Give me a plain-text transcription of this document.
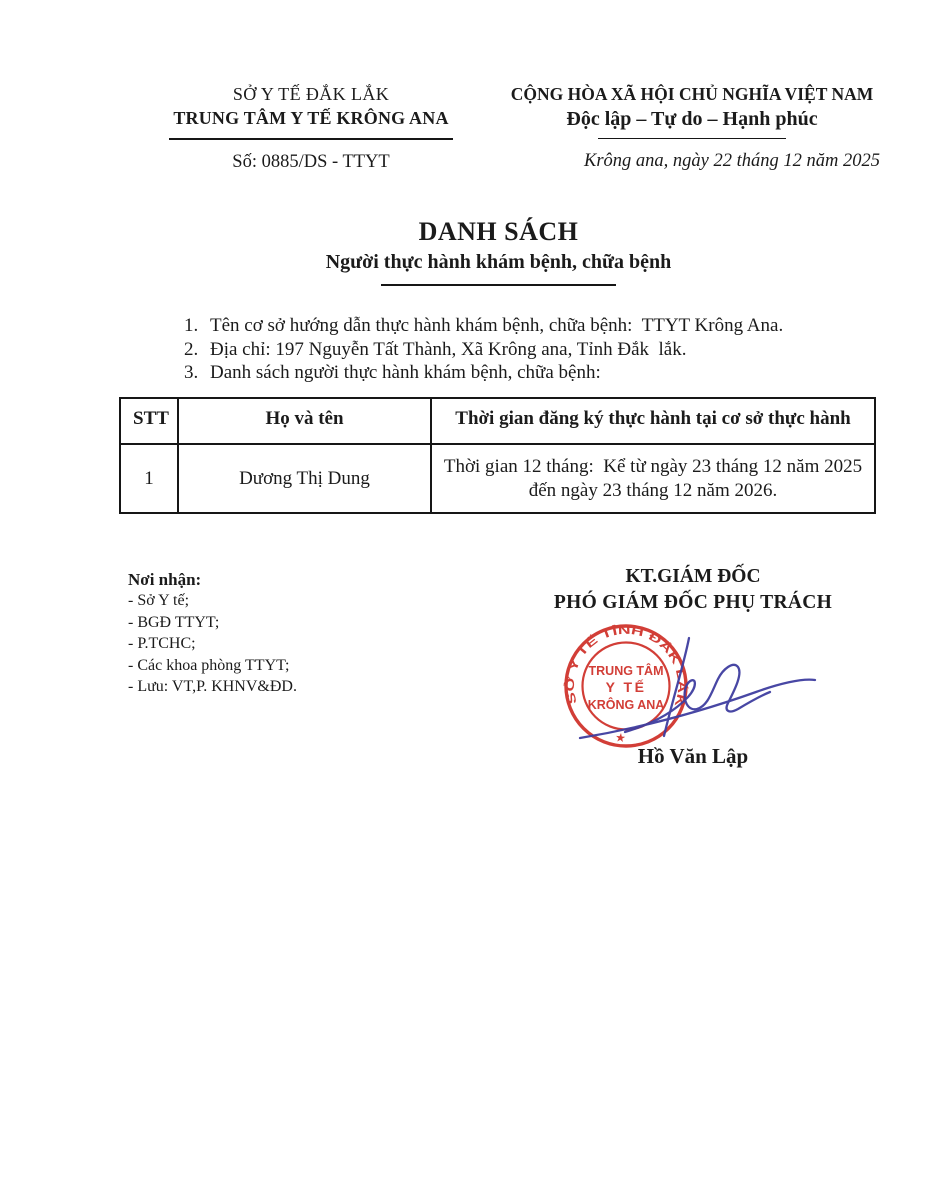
SỞ Y TẾ ĐẮK LẮK
TRUNG TÂM Y TẾ KRÔNG ANA
Số: 0885/DS - TTYT
CỘNG HÒA XÃ HỘI CHỦ NGHĨA VIỆT NAM
Độc lập – Tự do – Hạnh phúc
Krông ana, ngày 22 tháng 12 năm 2025
DANH SÁCH
Người thực hành khám bệnh, chữa bệnh
1. Tên cơ sở hướng dẫn thực hành khám bệnh, chữa bệnh:  TTYT Krông Ana.
2. Địa chỉ: 197 Nguyễn Tất Thành, Xã Krông ana, Tỉnh Đắk  lắk.
3. Danh sách người thực hành khám bệnh, chữa bệnh:
STT	Họ và tên	Thời gian đăng ký thực hành tại cơ sở thực hành
1	Dương Thị Dung	Thời gian 12 tháng:  Kể từ ngày 23 tháng 12 năm 2025 đến ngày 23 tháng 12 năm 2026.
Nơi nhận:
- Sở Y tế;
- BGĐ TTYT;
- P.TCHC;
- Các khoa phòng TTYT;
- Lưu: VT,P. KHNV&ĐD.
KT.GIÁM ĐỐC
PHÓ GIÁM ĐỐC PHỤ TRÁCH
SỞ Y TẾ TỈNH ĐẮK LẮK
★
TRUNG TÂM
Y TẾ
KRÔNG ANA
Hồ Văn Lập
